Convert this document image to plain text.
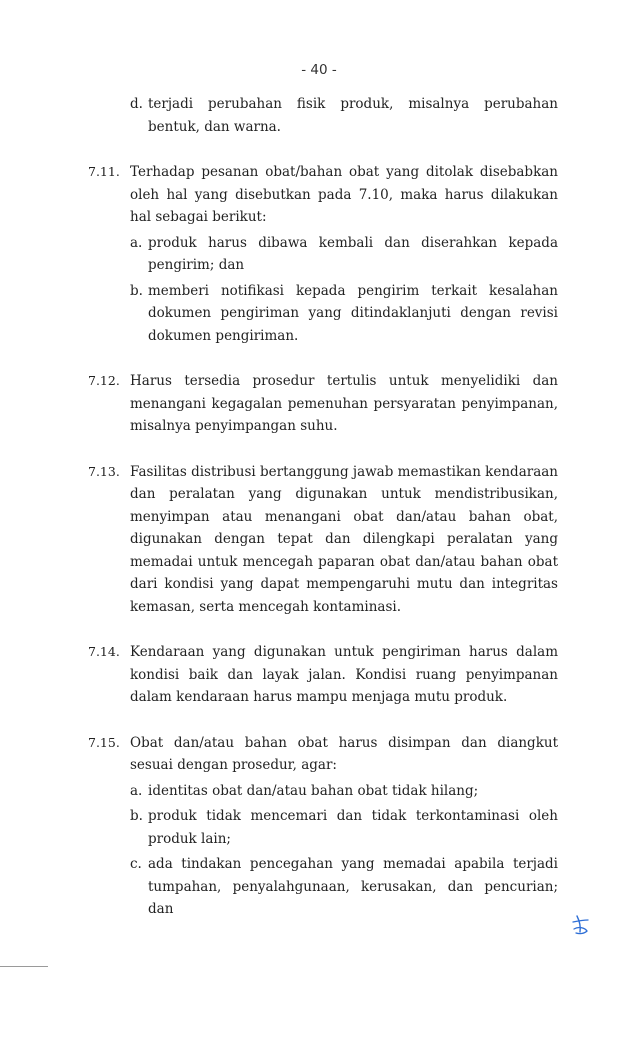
- 40 -
d. terjadi perubahan fisik produk, misalnya perubahan bentuk, dan warna.
7.11. Terhadap pesanan obat/bahan obat yang ditolak disebabkan oleh hal yang disebutkan pada 7.10, maka harus dilakukan hal sebagai berikut:
a. produk harus dibawa kembali dan diserahkan kepada pengirim; dan
b. memberi notifikasi kepada pengirim terkait kesalahan dokumen pengiriman yang ditindaklanjuti dengan revisi dokumen pengiriman.
7.12. Harus tersedia prosedur tertulis untuk menyelidiki dan menangani kegagalan pemenuhan persyaratan penyimpanan, misalnya penyimpangan suhu.
7.13. Fasilitas distribusi bertanggung jawab memastikan kendaraan dan peralatan yang digunakan untuk mendistribusikan, menyimpan atau menangani obat dan/atau bahan obat, digunakan dengan tepat dan dilengkapi peralatan yang memadai untuk mencegah paparan obat dan/atau bahan obat dari kondisi yang dapat mempengaruhi mutu dan integritas kemasan, serta mencegah kontaminasi.
7.14. Kendaraan yang digunakan untuk pengiriman harus dalam kondisi baik dan layak jalan. Kondisi ruang penyimpanan dalam kendaraan harus mampu menjaga mutu produk.
7.15. Obat dan/atau bahan obat harus disimpan dan diangkut sesuai dengan prosedur, agar:
a. identitas obat dan/atau bahan obat tidak hilang;
b. produk tidak mencemari dan tidak terkontaminasi oleh produk lain;
c. ada tindakan pencegahan yang memadai apabila terjadi tumpahan, penyalahgunaan, kerusakan, dan pencurian; dan
